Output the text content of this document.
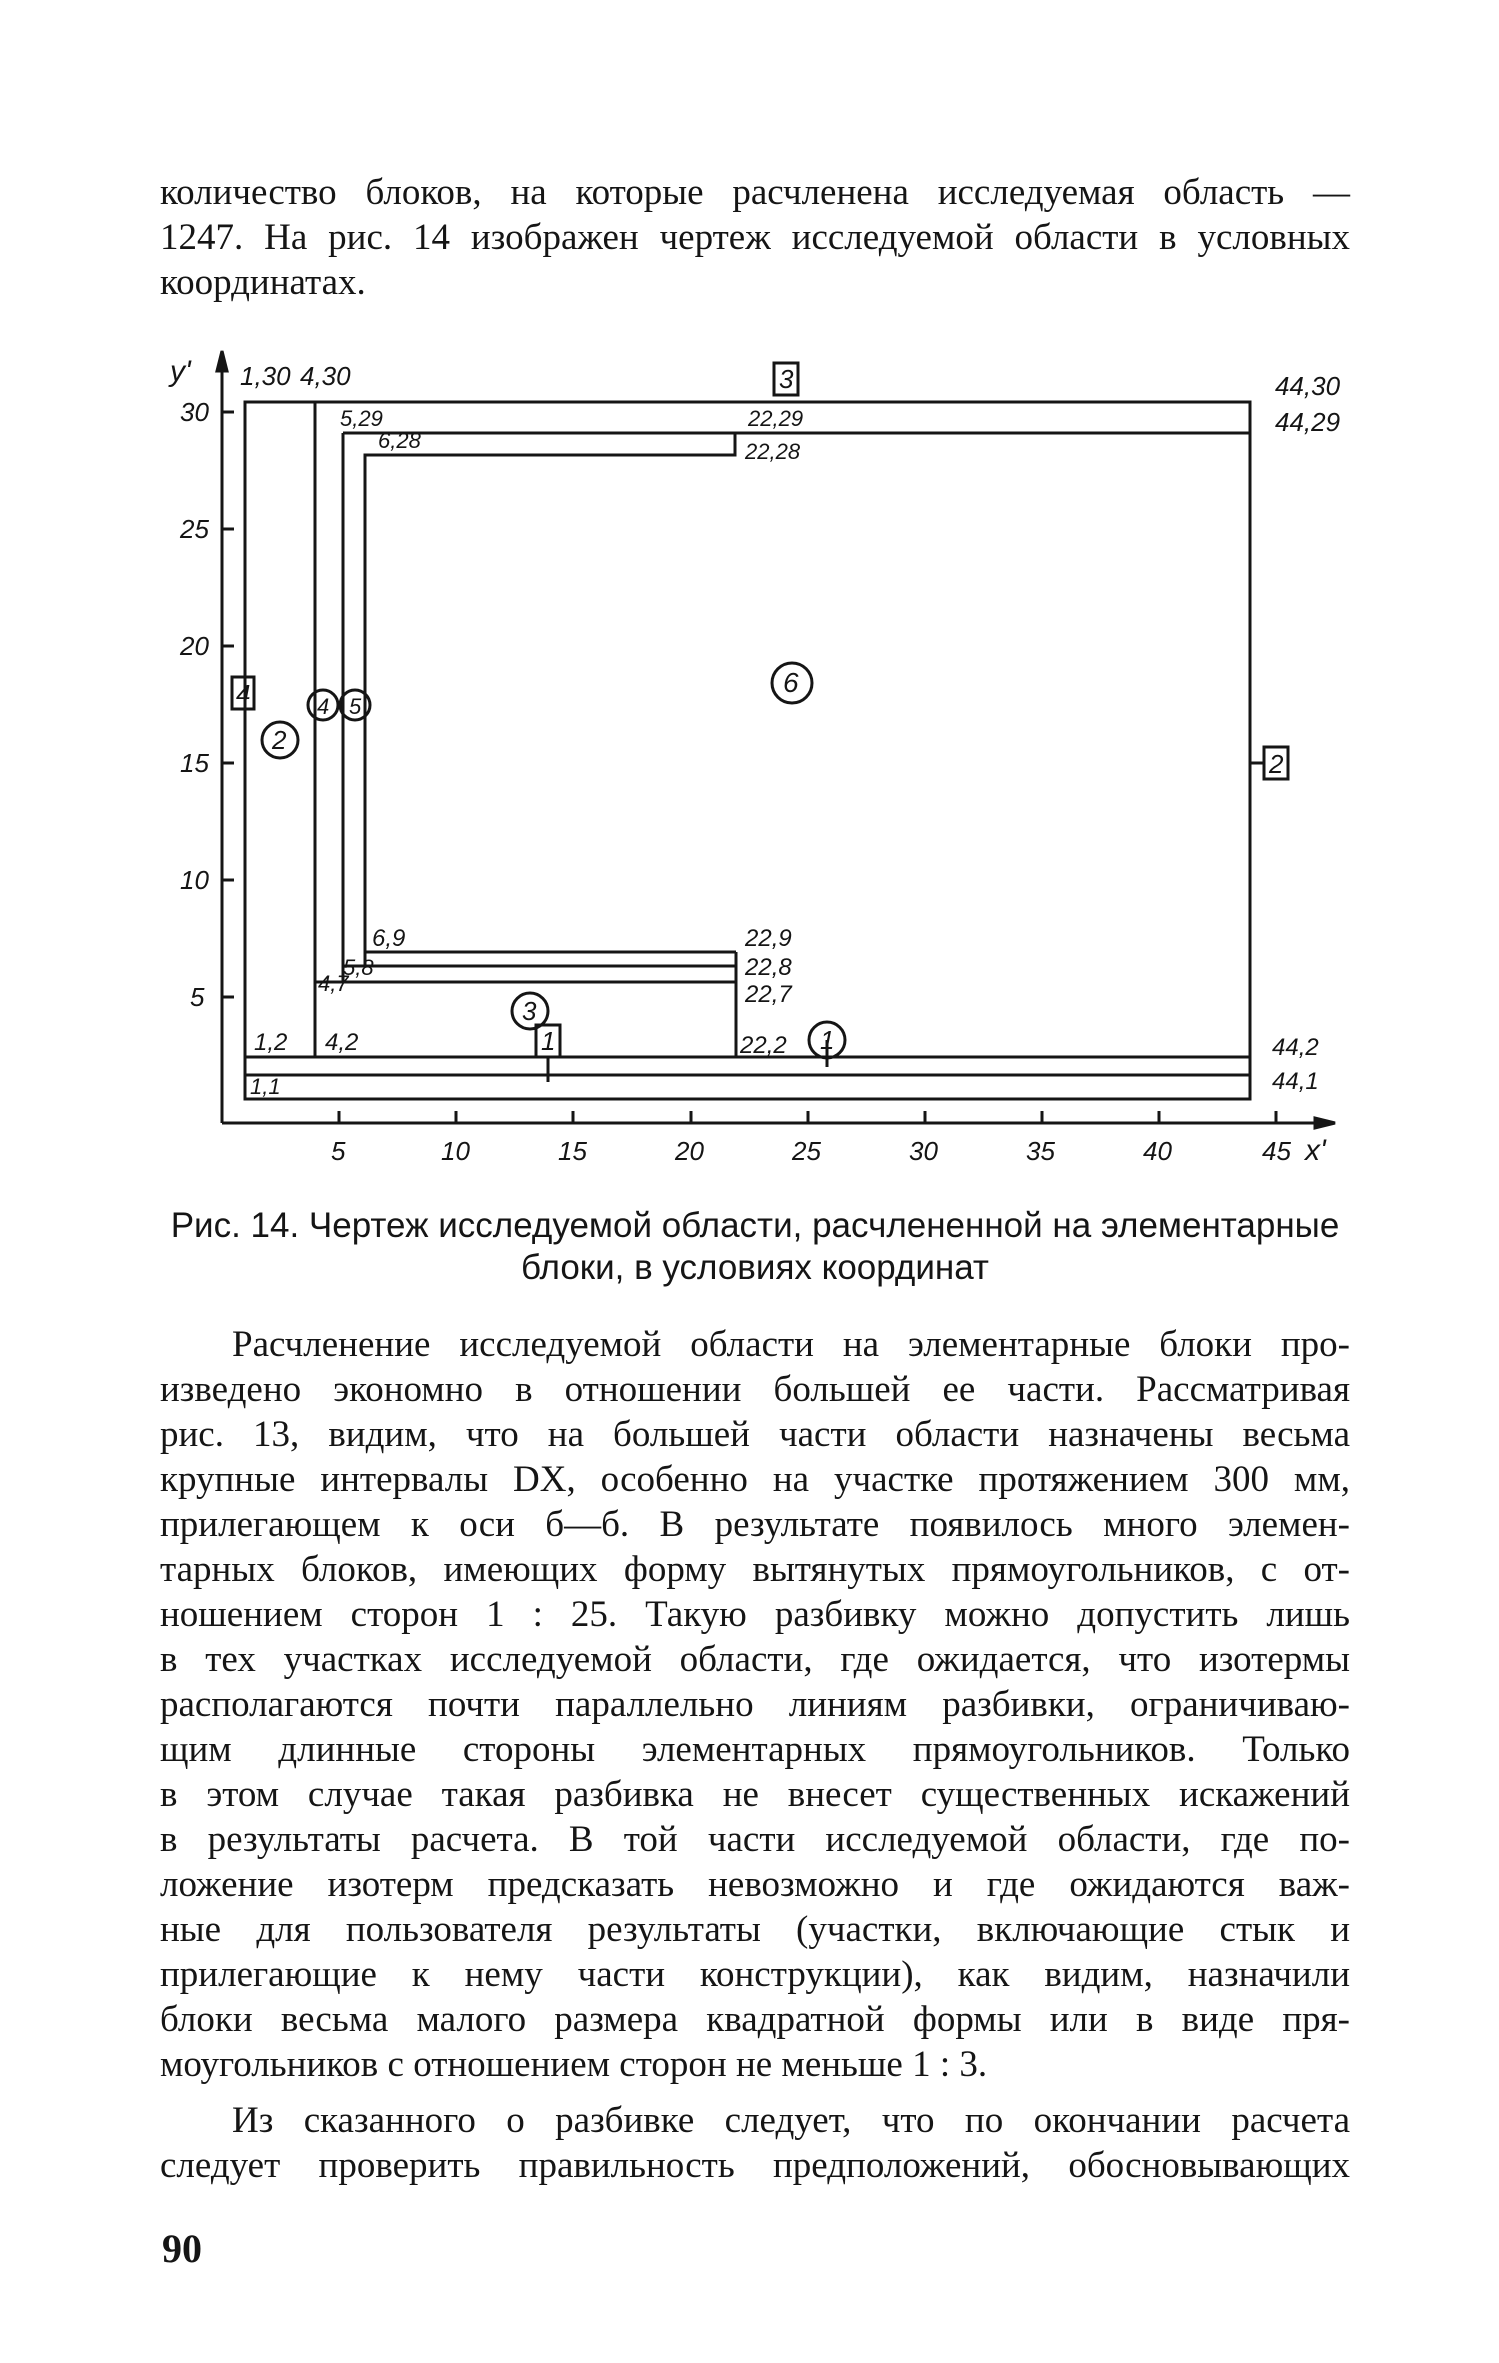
количество блоков, на которые расчленена исследуемая область —
1247. На рис. 14 изображен чертеж исследуемой области в условных
координатах.

y'
x'
5	10	15	20	25	30	35	40	45
5
10
15
20
25
30
1,30 4,30	44,30
44,29
5,29	22,29
6,28	22,28
6,9	22,9
5,8	22,8
4,7	22,7
1,2 4,2	22,2	44,2
1,1	44,1
1
2
3
4
1
2
3
4 5
6

Рис. 14. Чертеж исследуемой области, расчлененной на элементарные
блоки, в условиях координат

Расчленение исследуемой области на элементарные блоки про-
изведено экономно в отношении большей ее части. Рассматривая
рис. 13, видим, что на большей части области назначены весьма
крупные интервалы DX, особенно на участке протяжением 300 мм,
прилегающем к оси б—б. В результате появилось много элемен-
тарных блоков, имеющих форму вытянутых прямоугольников, с от-
ношением сторон 1 : 25. Такую разбивку можно допустить лишь
в тех участках исследуемой области, где ожидается, что изотермы
располагаются почти параллельно линиям разбивки, ограничиваю-
щим длинные стороны элементарных прямоугольников. Только
в этом случае такая разбивка не внесет существенных искажений
в результаты расчета. В той части исследуемой области, где по-
ложение изотерм предсказать невозможно и где ожидаются важ-
ные для пользователя результаты (участки, включающие стык и
прилегающие к нему части конструкции), как видим, назначили
блоки весьма малого размера квадратной формы или в виде пря-
моугольников с отношением сторон не меньше 1 : 3.

Из сказанного о разбивке следует, что по окончании расчета
следует проверить правильность предположений, обосновывающих

90
